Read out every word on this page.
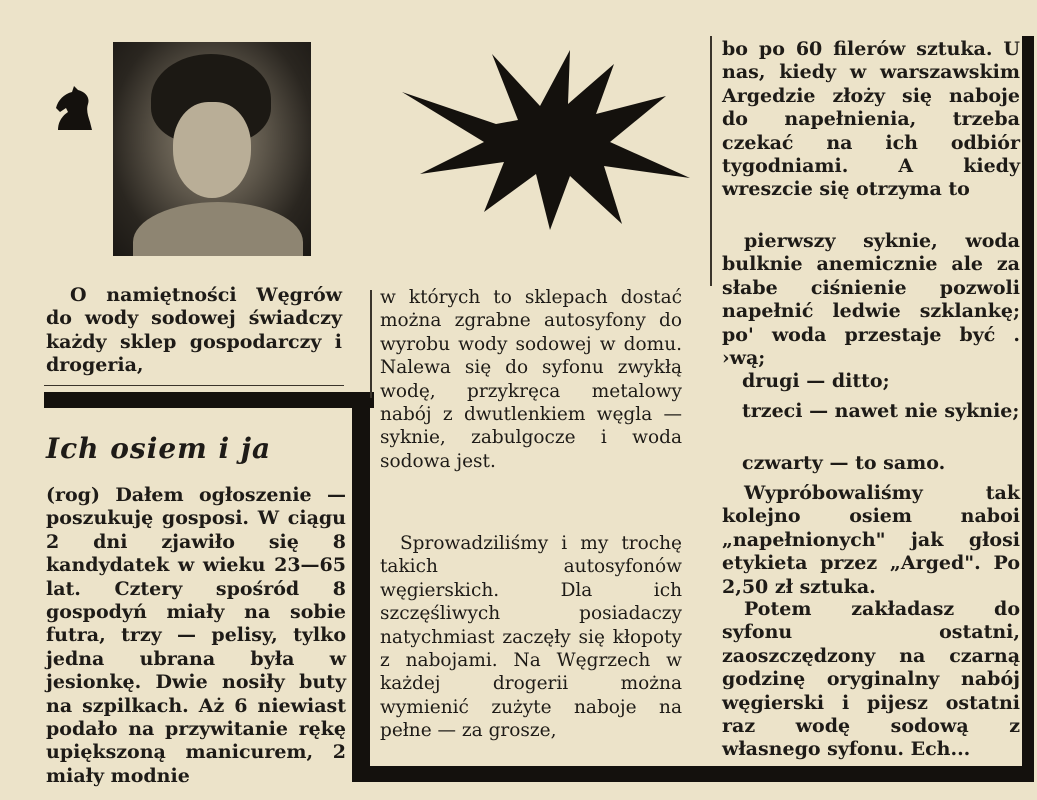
O namiętności Węgrów do wody sodowej świadczy każdy sklep gospodarczy i drogeria,

Ich osiem i ja

(rog) Dałem ogłoszenie — poszukuję gosposi. W ciągu 2 dni zjawiło się 8 kandydatek w wieku 23—65 lat. Cztery spośród 8 gospodyń miały na sobie futra, trzy — pelisy, tylko jedna ubrana była w jesionkę. Dwie nosiły buty na szpilkach. Aż 6 niewiast podało na przywitanie rękę upiększoną manicurem, 2 miały modnie

w których to sklepach dostać można zgrabne autosyfony do wyrobu wody sodowej w domu. Nalewa się do syfonu zwykłą wodę, przykręca metalowy nabój z dwutlenkiem węgla — syknie, zabulgocze i woda sodowa jest.

Sprowadziliśmy i my trochę takich autosyfonów węgierskich. Dla ich szczęśliwych posiadaczy natychmiast zaczęły się kłopoty z nabojami. Na Węgrzech w każdej drogerii można wymienić zużyte naboje na pełne — za grosze,

bo po 60 filerów sztuka. U nas, kiedy w warszawskim Argedzie złoży się naboje do napełnienia, trzeba czekać na ich odbiór tygodniami. A kiedy wreszcie się otrzyma to

pierwszy syknie, woda bulknie anemicznie ale za słabe ciśnienie pozwoli napełnić ledwie szklankę; po' woda przestaje być . ›wą;

drugi — ditto;

trzeci — nawet nie syknie;

czwarty — to samo.

Wypróbowaliśmy tak kolejno osiem naboi „napełnionych" jak głosi etykieta przez „Arged". Po 2,50 zł sztuka.

Potem zakładasz do syfonu ostatni, zaoszczędzony na czarną godzinę oryginalny nabój węgierski i pijesz ostatni raz wodę sodową z własnego syfonu. Ech...
